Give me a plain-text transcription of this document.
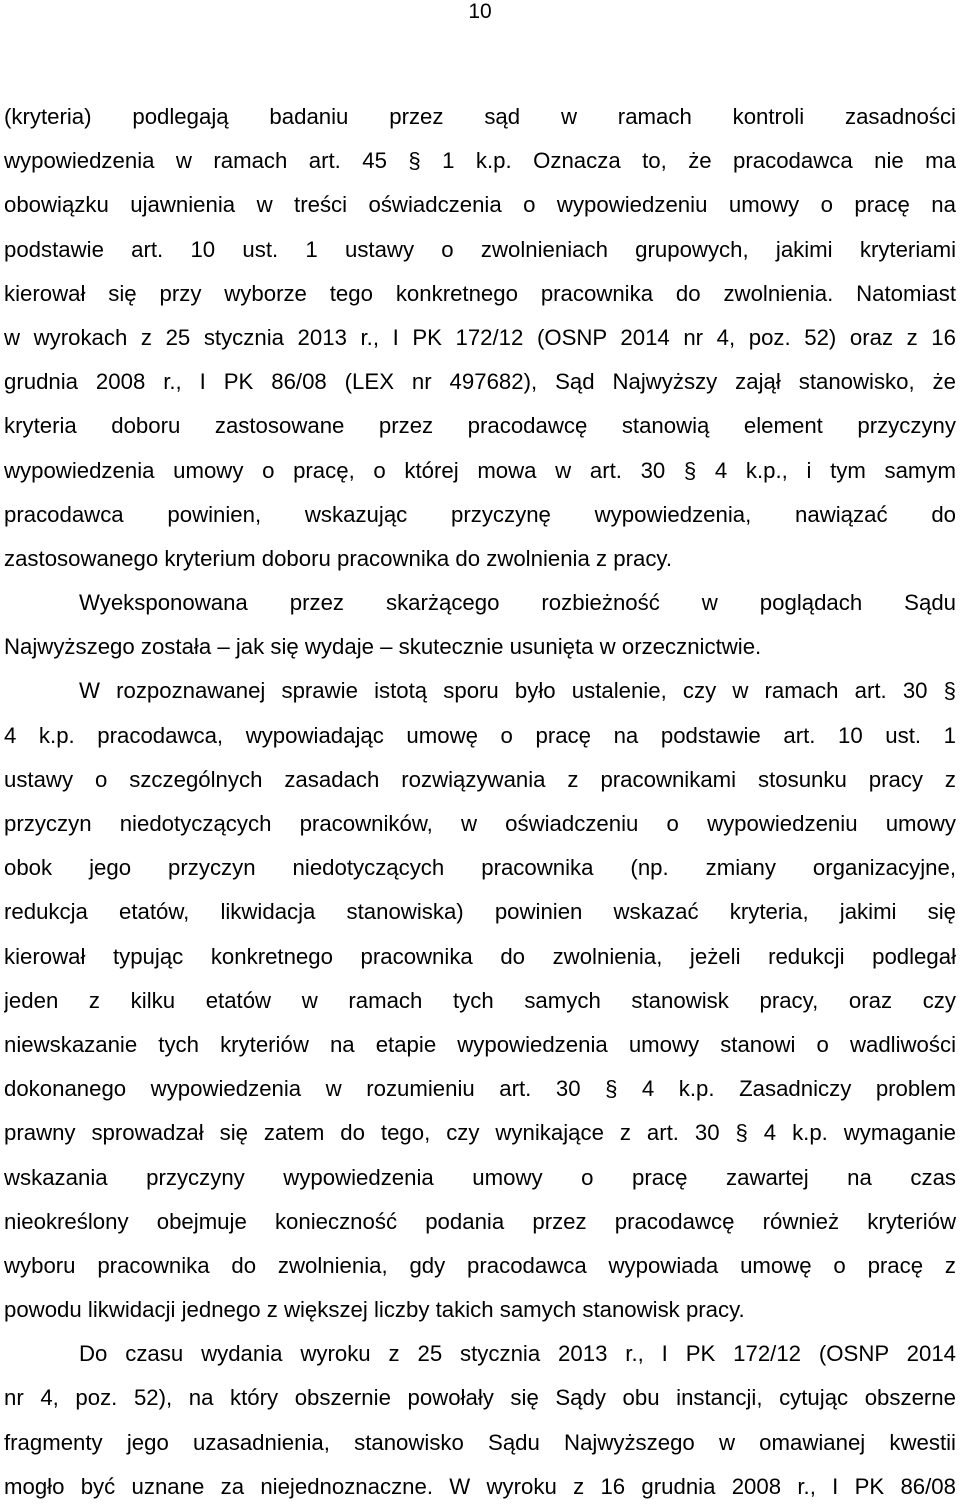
10
(kryteria) podlegają badaniu przez sąd w ramach kontroli zasadności
wypowiedzenia w ramach art. 45 § 1 k.p. Oznacza to, że pracodawca nie ma
obowiązku ujawnienia w treści oświadczenia o wypowiedzeniu umowy o pracę na
podstawie art. 10 ust. 1 ustawy o zwolnieniach grupowych, jakimi kryteriami
kierował się przy wyborze tego konkretnego pracownika do zwolnienia. Natomiast
w wyrokach z 25 stycznia 2013 r., I PK 172/12 (OSNP 2014 nr 4, poz. 52) oraz z 16
grudnia 2008 r., I PK 86/08 (LEX nr 497682), Sąd Najwyższy zajął stanowisko, że
kryteria doboru zastosowane przez pracodawcę stanowią element przyczyny
wypowiedzenia umowy o pracę, o której mowa w art. 30 § 4 k.p., i tym samym
pracodawca powinien, wskazując przyczynę wypowiedzenia, nawiązać do
zastosowanego kryterium doboru pracownika do zwolnienia z pracy.
Wyeksponowana przez skarżącego rozbieżność w poglądach Sądu
Najwyższego została – jak się wydaje – skutecznie usunięta w orzecznictwie.
W rozpoznawanej sprawie istotą sporu było ustalenie, czy w ramach art. 30 §
4 k.p. pracodawca, wypowiadając umowę o pracę na podstawie art. 10 ust. 1
ustawy o szczególnych zasadach rozwiązywania z pracownikami stosunku pracy z
przyczyn niedotyczących pracowników, w oświadczeniu o wypowiedzeniu umowy
obok jego przyczyn niedotyczących pracownika (np. zmiany organizacyjne,
redukcja etatów, likwidacja stanowiska) powinien wskazać kryteria, jakimi się
kierował typując konkretnego pracownika do zwolnienia, jeżeli redukcji podlegał
jeden z kilku etatów w ramach tych samych stanowisk pracy, oraz czy
niewskazanie tych kryteriów na etapie wypowiedzenia umowy stanowi o wadliwości
dokonanego wypowiedzenia w rozumieniu art. 30 § 4 k.p. Zasadniczy problem
prawny sprowadzał się zatem do tego, czy wynikające z art. 30 § 4 k.p. wymaganie
wskazania przyczyny wypowiedzenia umowy o pracę zawartej na czas
nieokreślony obejmuje konieczność podania przez pracodawcę również kryteriów
wyboru pracownika do zwolnienia, gdy pracodawca wypowiada umowę o pracę z
powodu likwidacji jednego z większej liczby takich samych stanowisk pracy.
Do czasu wydania wyroku z 25 stycznia 2013 r., I PK 172/12 (OSNP 2014
nr 4, poz. 52), na który obszernie powołały się Sądy obu instancji, cytując obszerne
fragmenty jego uzasadnienia, stanowisko Sądu Najwyższego w omawianej kwestii
mogło być uznane za niejednoznaczne. W wyroku z 16 grudnia 2008 r., I PK 86/08
